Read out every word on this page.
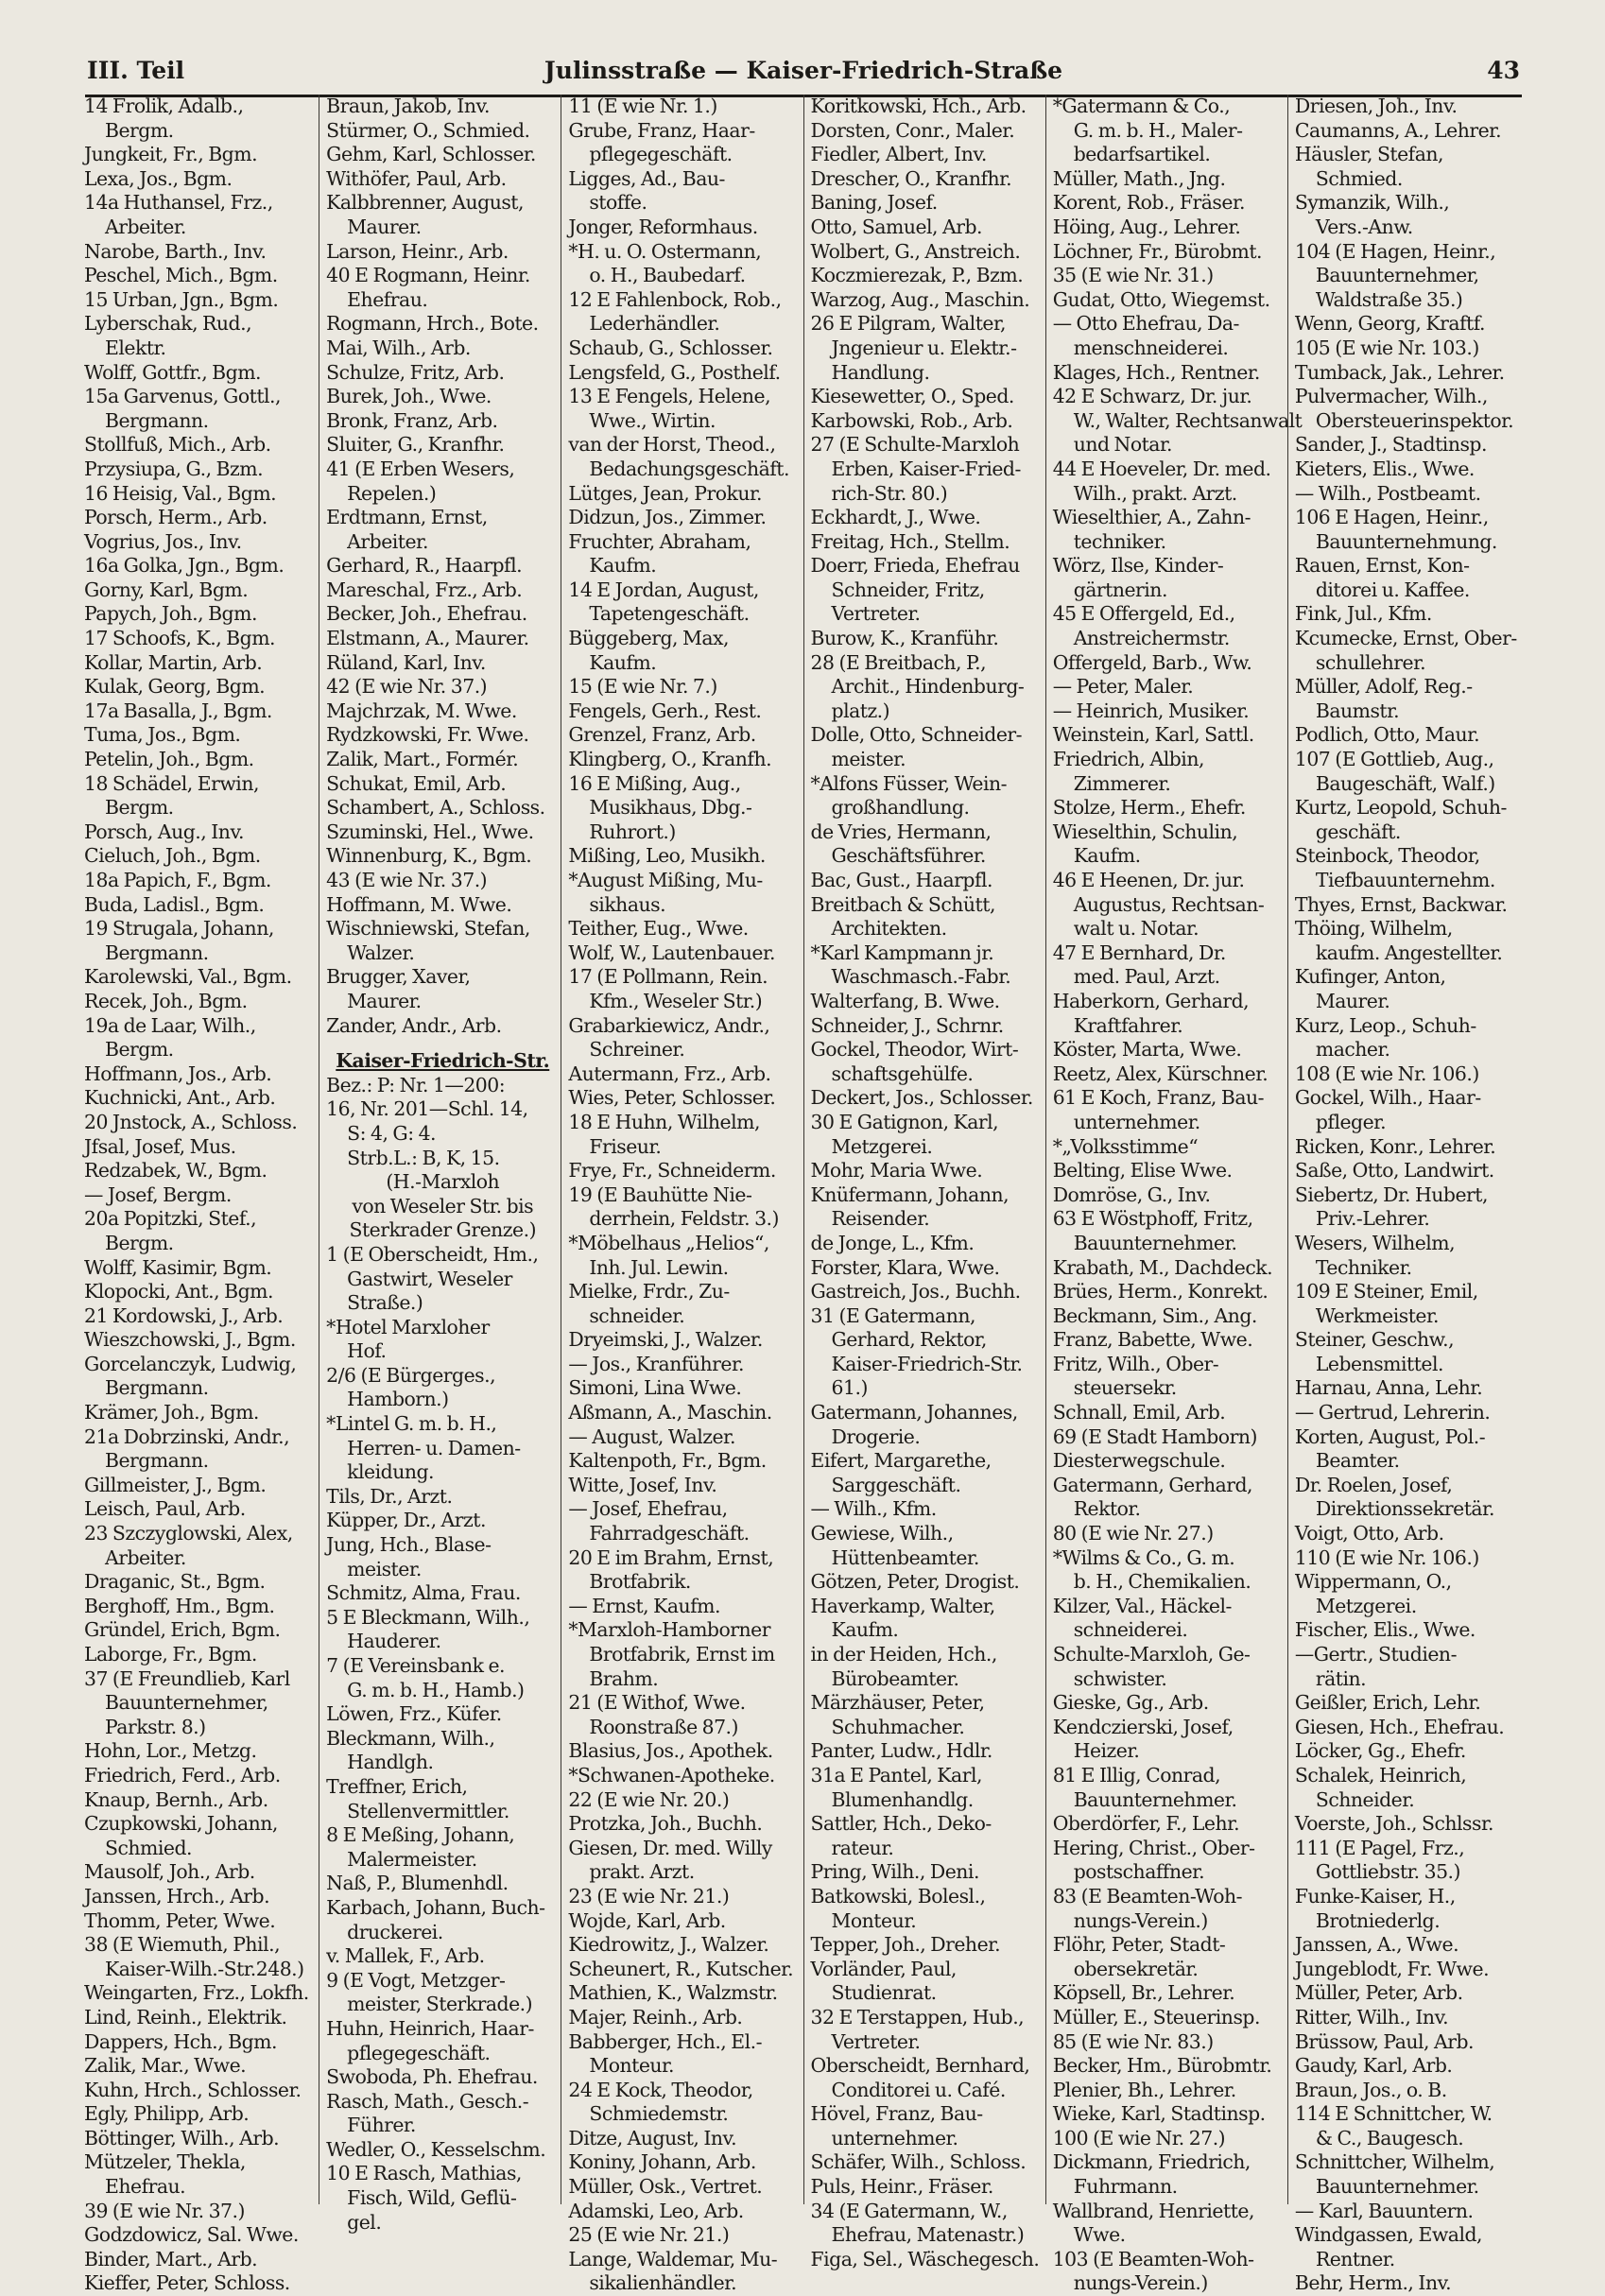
III. Teil	Julinsstraße — Kaiser-Friedrich-Straße	43
14 Frolik, Adalb.,
Bergm.
Jungkeit, Fr., Bgm.
Lexa, Jos., Bgm.
14a Huthansel, Frz.,
Arbeiter.
Narobe, Barth., Inv.
Peschel, Mich., Bgm.
15 Urban, Jgn., Bgm.
Lyberschak, Rud.,
Elektr.
Wolff, Gottfr., Bgm.
15a Garvenus, Gottl.,
Bergmann.
Stollfuß, Mich., Arb.
Przysiupa, G., Bzm.
16 Heisig, Val., Bgm.
Porsch, Herm., Arb.
Vogrius, Jos., Inv.
16a Golka, Jgn., Bgm.
Gorny, Karl, Bgm.
Papych, Joh., Bgm.
17 Schoofs, K., Bgm.
Kollar, Martin, Arb.
Kulak, Georg, Bgm.
17a Basalla, J., Bgm.
Tuma, Jos., Bgm.
Petelin, Joh., Bgm.
18 Schädel, Erwin,
Bergm.
Porsch, Aug., Inv.
Cieluch, Joh., Bgm.
18a Papich, F., Bgm.
Buda, Ladisl., Bgm.
19 Strugala, Johann,
Bergmann.
Karolewski, Val., Bgm.
Recek, Joh., Bgm.
19a de Laar, Wilh.,
Bergm.
Hoffmann, Jos., Arb.
Kuchnicki, Ant., Arb.
20 Jnstock, A., Schloss.
Jfsal, Josef, Mus.
Redzabek, W., Bgm.
— Josef, Bergm.
20a Popitzki, Stef.,
Bergm.
Wolff, Kasimir, Bgm.
Klopocki, Ant., Bgm.
21 Kordowski, J., Arb.
Wieszchowski, J., Bgm.
Gorcelanczyk, Ludwig,
Bergmann.
Krämer, Joh., Bgm.
21a Dobrzinski, Andr.,
Bergmann.
Gillmeister, J., Bgm.
Leisch, Paul, Arb.
23 Szczyglowski, Alex,
Arbeiter.
Draganic, St., Bgm.
Berghoff, Hm., Bgm.
Gründel, Erich, Bgm.
Laborge, Fr., Bgm.
37 (E Freundlieb, Karl
Bauunternehmer,
Parkstr. 8.)
Hohn, Lor., Metzg.
Friedrich, Ferd., Arb.
Knaup, Bernh., Arb.
Czupkowski, Johann,
Schmied.
Mausolf, Joh., Arb.
Janssen, Hrch., Arb.
Thomm, Peter, Wwe.
38 (E Wiemuth, Phil.,
Kaiser-Wilh.-Str.248.)
Weingarten, Frz., Lokfh.
Lind, Reinh., Elektrik.
Dappers, Hch., Bgm.
Zalik, Mar., Wwe.
Kuhn, Hrch., Schlosser.
Egly, Philipp, Arb.
Böttinger, Wilh., Arb.
Mützeler, Thekla,
Ehefrau.
39 (E wie Nr. 37.)
Godzdowicz, Sal. Wwe.
Binder, Mart., Arb.
Kieffer, Peter, Schloss.
Braun, Jakob, Inv.
Stürmer, O., Schmied.
Gehm, Karl, Schlosser.
Withöfer, Paul, Arb.
Kalbbrenner, August,
Maurer.
Larson, Heinr., Arb.
40 E Rogmann, Heinr.
Ehefrau.
Rogmann, Hrch., Bote.
Mai, Wilh., Arb.
Schulze, Fritz, Arb.
Burek, Joh., Wwe.
Bronk, Franz, Arb.
Sluiter, G., Kranfhr.
41 (E Erben Wesers,
Repelen.)
Erdtmann, Ernst,
Arbeiter.
Gerhard, R., Haarpfl.
Mareschal, Frz., Arb.
Becker, Joh., Ehefrau.
Elstmann, A., Maurer.
Rüland, Karl, Inv.
42 (E wie Nr. 37.)
Majchrzak, M. Wwe.
Rydzkowski, Fr. Wwe.
Zalik, Mart., Formér.
Schukat, Emil, Arb.
Schambert, A., Schloss.
Szuminski, Hel., Wwe.
Winnenburg, K., Bgm.
43 (E wie Nr. 37.)
Hoffmann, M. Wwe.
Wischniewski, Stefan,
Walzer.
Brugger, Xaver,
Maurer.
Zander, Andr., Arb.
Kaiser-Friedrich-Str.
Bez.: P: Nr. 1—200:
16, Nr. 201—Schl. 14,
S: 4, G: 4.
Strb.L.: B, K, 15.
(H.-Marxloh
von Weseler Str. bis
Sterkrader Grenze.)
1 (E Oberscheidt, Hm.,
Gastwirt, Weseler
Straße.)
*Hotel Marxloher
Hof.
2/6 (E Bürgerges.,
Hamborn.)
*Lintel G. m. b. H.,
Herren- u. Damen-
kleidung.
Tils, Dr., Arzt.
Küpper, Dr., Arzt.
Jung, Hch., Blase-
meister.
Schmitz, Alma, Frau.
5 E Bleckmann, Wilh.,
Hauderer.
7 (E Vereinsbank e.
G. m. b. H., Hamb.)
Löwen, Frz., Küfer.
Bleckmann, Wilh.,
Handlgh.
Treffner, Erich,
Stellenvermittler.
8 E Meßing, Johann,
Malermeister.
Naß, P., Blumenhdl.
Karbach, Johann, Buch-
druckerei.
v. Mallek, F., Arb.
9 (E Vogt, Metzger-
meister, Sterkrade.)
Huhn, Heinrich, Haar-
pflegegeschäft.
Swoboda, Ph. Ehefrau.
Rasch, Math., Gesch.-
Führer.
Wedler, O., Kesselschm.
10 E Rasch, Mathias,
Fisch, Wild, Geflü-
gel.
11 (E wie Nr. 1.)
Grube, Franz, Haar-
pflegegeschäft.
Ligges, Ad., Bau-
stoffe.
Jonger, Reformhaus.
*H. u. O. Ostermann,
o. H., Baubedarf.
12 E Fahlenbock, Rob.,
Lederhändler.
Schaub, G., Schlosser.
Lengsfeld, G., Posthelf.
13 E Fengels, Helene,
Wwe., Wirtin.
van der Horst, Theod.,
Bedachungsgeschäft.
Lütges, Jean, Prokur.
Didzun, Jos., Zimmer.
Fruchter, Abraham,
Kaufm.
14 E Jordan, August,
Tapetengeschäft.
Büggeberg, Max,
Kaufm.
15 (E wie Nr. 7.)
Fengels, Gerh., Rest.
Grenzel, Franz, Arb.
Klingberg, O., Kranfh.
16 E Mißing, Aug.,
Musikhaus, Dbg.-
Ruhrort.)
Mißing, Leo, Musikh.
*August Mißing, Mu-
sikhaus.
Teither, Eug., Wwe.
Wolf, W., Lautenbauer.
17 (E Pollmann, Rein.
Kfm., Weseler Str.)
Grabarkiewicz, Andr.,
Schreiner.
Autermann, Frz., Arb.
Wies, Peter, Schlosser.
18 E Huhn, Wilhelm,
Friseur.
Frye, Fr., Schneiderm.
19 (E Bauhütte Nie-
derrhein, Feldstr. 3.)
*Möbelhaus „Helios“,
Inh. Jul. Lewin.
Mielke, Frdr., Zu-
schneider.
Dryeimski, J., Walzer.
— Jos., Kranführer.
Simoni, Lina Wwe.
Aßmann, A., Maschin.
— August, Walzer.
Kaltenpoth, Fr., Bgm.
Witte, Josef, Inv.
— Josef, Ehefrau,
Fahrradgeschäft.
20 E im Brahm, Ernst,
Brotfabrik.
— Ernst, Kaufm.
*Marxloh-Hamborner
Brotfabrik, Ernst im
Brahm.
21 (E Withof, Wwe.
Roonstraße 87.)
Blasius, Jos., Apothek.
*Schwanen-Apotheke.
22 (E wie Nr. 20.)
Protzka, Joh., Buchh.
Giesen, Dr. med. Willy
prakt. Arzt.
23 (E wie Nr. 21.)
Wojde, Karl, Arb.
Kiedrowitz, J., Walzer.
Scheunert, R., Kutscher.
Mathien, K., Walzmstr.
Majer, Reinh., Arb.
Babberger, Hch., El.-
Monteur.
24 E Kock, Theodor,
Schmiedemstr.
Ditze, August, Inv.
Koniny, Johann, Arb.
Müller, Osk., Vertret.
Adamski, Leo, Arb.
25 (E wie Nr. 21.)
Lange, Waldemar, Mu-
sikalienhändler.
Koritkowski, Hch., Arb.
Dorsten, Conr., Maler.
Fiedler, Albert, Inv.
Drescher, O., Kranfhr.
Baning, Josef.
Otto, Samuel, Arb.
Wolbert, G., Anstreich.
Koczmierezak, P., Bzm.
Warzog, Aug., Maschin.
26 E Pilgram, Walter,
Jngenieur u. Elektr.-
Handlung.
Kiesewetter, O., Sped.
Karbowski, Rob., Arb.
27 (E Schulte-Marxloh
Erben, Kaiser-Fried-
rich-Str. 80.)
Eckhardt, J., Wwe.
Freitag, Hch., Stellm.
Doerr, Frieda, Ehefrau
Schneider, Fritz,
Vertreter.
Burow, K., Kranführ.
28 (E Breitbach, P.,
Archit., Hindenburg-
platz.)
Dolle, Otto, Schneider-
meister.
*Alfons Füsser, Wein-
großhandlung.
de Vries, Hermann,
Geschäftsführer.
Bac, Gust., Haarpfl.
Breitbach & Schütt,
Architekten.
*Karl Kampmann jr.
Waschmasch.-Fabr.
Walterfang, B. Wwe.
Schneider, J., Schrnr.
Gockel, Theodor, Wirt-
schaftsgehülfe.
Deckert, Jos., Schlosser.
30 E Gatignon, Karl,
Metzgerei.
Mohr, Maria Wwe.
Knüfermann, Johann,
Reisender.
de Jonge, L., Kfm.
Forster, Klara, Wwe.
Gastreich, Jos., Buchh.
31 (E Gatermann,
Gerhard, Rektor,
Kaiser-Friedrich-Str.
61.)
Gatermann, Johannes,
Drogerie.
Eifert, Margarethe,
Sarggeschäft.
— Wilh., Kfm.
Gewiese, Wilh.,
Hüttenbeamter.
Götzen, Peter, Drogist.
Haverkamp, Walter,
Kaufm.
in der Heiden, Hch.,
Bürobeamter.
Märzhäuser, Peter,
Schuhmacher.
Panter, Ludw., Hdlr.
31a E Pantel, Karl,
Blumenhandlg.
Sattler, Hch., Deko-
rateur.
Pring, Wilh., Deni.
Batkowski, Bolesl.,
Monteur.
Tepper, Joh., Dreher.
Vorländer, Paul,
Studienrat.
32 E Terstappen, Hub.,
Vertreter.
Oberscheidt, Bernhard,
Conditorei u. Café.
Hövel, Franz, Bau-
unternehmer.
Schäfer, Wilh., Schloss.
Puls, Heinr., Fräser.
34 (E Gatermann, W.,
Ehefrau, Matenastr.)
Figa, Sel., Wäschegesch.
*Gatermann & Co.,
G. m. b. H., Maler-
bedarfsartikel.
Müller, Math., Jng.
Korent, Rob., Fräser.
Höing, Aug., Lehrer.
Löchner, Fr., Bürobmt.
35 (E wie Nr. 31.)
Gudat, Otto, Wiegemst.
— Otto Ehefrau, Da-
menschneiderei.
Klages, Hch., Rentner.
42 E Schwarz, Dr. jur.
W., Walter, Rechtsanwalt
und Notar.
44 E Hoeveler, Dr. med.
Wilh., prakt. Arzt.
Wieselthier, A., Zahn-
techniker.
Wörz, Ilse, Kinder-
gärtnerin.
45 E Offergeld, Ed.,
Anstreichermstr.
Offergeld, Barb., Ww.
— Peter, Maler.
— Heinrich, Musiker.
Weinstein, Karl, Sattl.
Friedrich, Albin,
Zimmerer.
Stolze, Herm., Ehefr.
Wieselthin, Schulin,
Kaufm.
46 E Heenen, Dr. jur.
Augustus, Rechtsan-
walt u. Notar.
47 E Bernhard, Dr.
med. Paul, Arzt.
Haberkorn, Gerhard,
Kraftfahrer.
Köster, Marta, Wwe.
Reetz, Alex, Kürschner.
61 E Koch, Franz, Bau-
unternehmer.
*„Volksstimme“
Belting, Elise Wwe.
Domröse, G., Inv.
63 E Wöstphoff, Fritz,
Bauunternehmer.
Krabath, M., Dachdeck.
Brües, Herm., Konrekt.
Beckmann, Sim., Ang.
Franz, Babette, Wwe.
Fritz, Wilh., Ober-
steuersekr.
Schnall, Emil, Arb.
69 (E Stadt Hamborn)
Diesterwegschule.
Gatermann, Gerhard,
Rektor.
80 (E wie Nr. 27.)
*Wilms & Co., G. m.
b. H., Chemikalien.
Kilzer, Val., Häckel-
schneiderei.
Schulte-Marxloh, Ge-
schwister.
Gieske, Gg., Arb.
Kendczierski, Josef,
Heizer.
81 E Illig, Conrad,
Bauunternehmer.
Oberdörfer, F., Lehr.
Hering, Christ., Ober-
postschaffner.
83 (E Beamten-Woh-
nungs-Verein.)
Flöhr, Peter, Stadt-
obersekretär.
Köpsell, Br., Lehrer.
Müller, E., Steuerinsp.
85 (E wie Nr. 83.)
Becker, Hm., Bürobmtr.
Plenier, Bh., Lehrer.
Wieke, Karl, Stadtinsp.
100 (E wie Nr. 27.)
Dickmann, Friedrich,
Fuhrmann.
Wallbrand, Henriette,
Wwe.
103 (E Beamten-Woh-
nungs-Verein.)
Driesen, Joh., Inv.
Caumanns, A., Lehrer.
Häusler, Stefan,
Schmied.
Symanzik, Wilh.,
Vers.-Anw.
104 (E Hagen, Heinr.,
Bauunternehmer,
Waldstraße 35.)
Wenn, Georg, Kraftf.
105 (E wie Nr. 103.)
Tumback, Jak., Lehrer.
Pulvermacher, Wilh.,
Obersteuerinspektor.
Sander, J., Stadtinsp.
Kieters, Elis., Wwe.
— Wilh., Postbeamt.
106 E Hagen, Heinr.,
Bauunternehmung.
Rauen, Ernst, Kon-
ditorei u. Kaffee.
Fink, Jul., Kfm.
Kcumecke, Ernst, Ober-
schullehrer.
Müller, Adolf, Reg.-
Baumstr.
Podlich, Otto, Maur.
107 (E Gottlieb, Aug.,
Baugeschäft, Walf.)
Kurtz, Leopold, Schuh-
geschäft.
Steinbock, Theodor,
Tiefbauunternehm.
Thyes, Ernst, Backwar.
Thöing, Wilhelm,
kaufm. Angestellter.
Kufinger, Anton,
Maurer.
Kurz, Leop., Schuh-
macher.
108 (E wie Nr. 106.)
Gockel, Wilh., Haar-
pfleger.
Ricken, Konr., Lehrer.
Saße, Otto, Landwirt.
Siebertz, Dr. Hubert,
Priv.-Lehrer.
Wesers, Wilhelm,
Techniker.
109 E Steiner, Emil,
Werkmeister.
Steiner, Geschw.,
Lebensmittel.
Harnau, Anna, Lehr.
— Gertrud, Lehrerin.
Korten, August, Pol.-
Beamter.
Dr. Roelen, Josef,
Direktionssekretär.
Voigt, Otto, Arb.
110 (E wie Nr. 106.)
Wippermann, O.,
Metzgerei.
Fischer, Elis., Wwe.
—Gertr., Studien-
rätin.
Geißler, Erich, Lehr.
Giesen, Hch., Ehefrau.
Löcker, Gg., Ehefr.
Schalek, Heinrich,
Schneider.
Voerste, Joh., Schlssr.
111 (E Pagel, Frz.,
Gottliebstr. 35.)
Funke-Kaiser, H.,
Brotniederlg.
Janssen, A., Wwe.
Jungeblodt, Fr. Wwe.
Müller, Peter, Arb.
Ritter, Wilh., Inv.
Brüssow, Paul, Arb.
Gaudy, Karl, Arb.
Braun, Jos., o. B.
114 E Schnittcher, W.
& C., Baugesch.
Schnittcher, Wilhelm,
Bauunternehmer.
— Karl, Bauuntern.
Windgassen, Ewald,
Rentner.
Behr, Herm., Inv.
